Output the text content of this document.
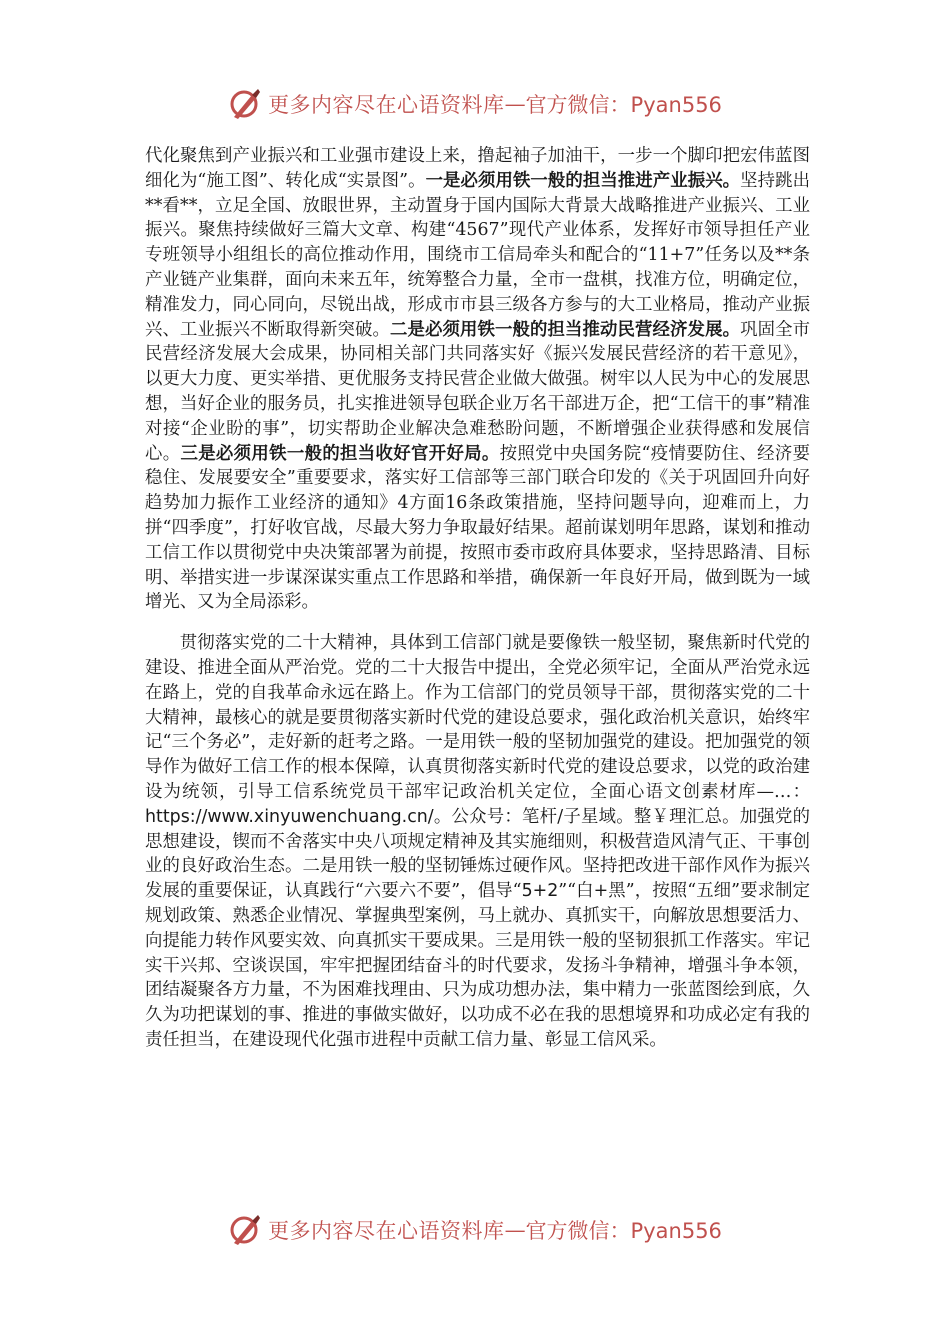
更多内容尽在心语资料库 — 官方微信：Pyan556

代化聚焦到产业振兴和工业强市建设上来，撸起袖子加油干，一步一个脚印把宏伟蓝图细化为“施工图”、转化成“实景图”。一是必须用铁一般的担当推进产业振兴。坚持跳出**看**，立足全国、放眼世界，主动置身于国内国际大背景大战略推进产业振兴、工业振兴。聚焦持续做好三篇大文章、构建“4567”现代产业体系，发挥好市领导担任产业专班领导小组组长的高位推动作用，围绕市工信局牵头和配合的“11+7”任务以及**条产业链产业集群，面向未来五年，统筹整合力量，全市一盘棋，找准方位，明确定位，精准发力，同心同向，尽锐出战，形成市市县三级各方参与的大工业格局，推动产业振兴、工业振兴不断取得新突破。二是必须用铁一般的担当推动民营经济发展。巩固全市民营经济发展大会成果，协同相关部门共同落实好《振兴发展民营经济的若干意见》，以更大力度、更实举措、更优服务支持民营企业做大做强。树牢以人民为中心的发展思想，当好企业的服务员，扎实推进领导包联企业万名干部进万企，把“工信干的事”精准对接“企业盼的事”，切实帮助企业解决急难愁盼问题，不断增强企业获得感和发展信心。三是必须用铁一般的担当收好官开好局。按照党中央国务院“疫情要防住、经济要稳住、发展要安全”重要要求，落实好工信部等三部门联合印发的《关于巩固回升向好趋势加力振作工业经济的通知》4方面16条政策措施，坚持问题导向，迎难而上，力拼“四季度”，打好收官战，尽最大努力争取最好结果。超前谋划明年思路，谋划和推动工信工作以贯彻党中央决策部署为前提，按照市委市政府具体要求，坚持思路清、目标明、举措实进一步谋深谋实重点工作思路和举措，确保新一年良好开局，做到既为一域增光、又为全局添彩。

贯彻落实党的二十大精神，具体到工信部门就是要像铁一般坚韧，聚焦新时代党的建设、推进全面从严治党。党的二十大报告中提出，全党必须牢记，全面从严治党永远在路上，党的自我革命永远在路上。作为工信部门的党员领导干部，贯彻落实党的二十大精神，最核心的就是要贯彻落实新时代党的建设总要求，强化政治机关意识，始终牢记“三个务必”，走好新的赶考之路。一是用铁一般的坚韧加强党的建设。把加强党的领导作为做好工信工作的根本保障，认真贯彻落实新时代党的建设总要求，以党的政治建设为统领，引导工信系统党员干部牢记政治机关定位，全面心语文创素材库—…：https://www.xinyuwenchuang.cn/。公众号：笔杆/子星域。整￥理汇总。加强党的思想建设，锲而不舍落实中央八项规定精神及其实施细则，积极营造风清气正、干事创业的良好政治生态。二是用铁一般的坚韧锤炼过硬作风。坚持把改进干部作风作为振兴发展的重要保证，认真践行“六要六不要”，倡导“5+2”“白+黑”，按照“五细”要求制定规划政策、熟悉企业情况、掌握典型案例，马上就办、真抓实干，向解放思想要活力、向提能力转作风要实效、向真抓实干要成果。三是用铁一般的坚韧狠抓工作落实。牢记实干兴邦、空谈误国，牢牢把握团结奋斗的时代要求，发扬斗争精神，增强斗争本领，团结凝聚各方力量，不为困难找理由、只为成功想办法，集中精力一张蓝图绘到底，久久为功把谋划的事、推进的事做实做好，以功成不必在我的思想境界和功成必定有我的责任担当，在建设现代化强市进程中贡献工信力量、彰显工信风采。

更多内容尽在心语资料库 — 官方微信：Pyan556
